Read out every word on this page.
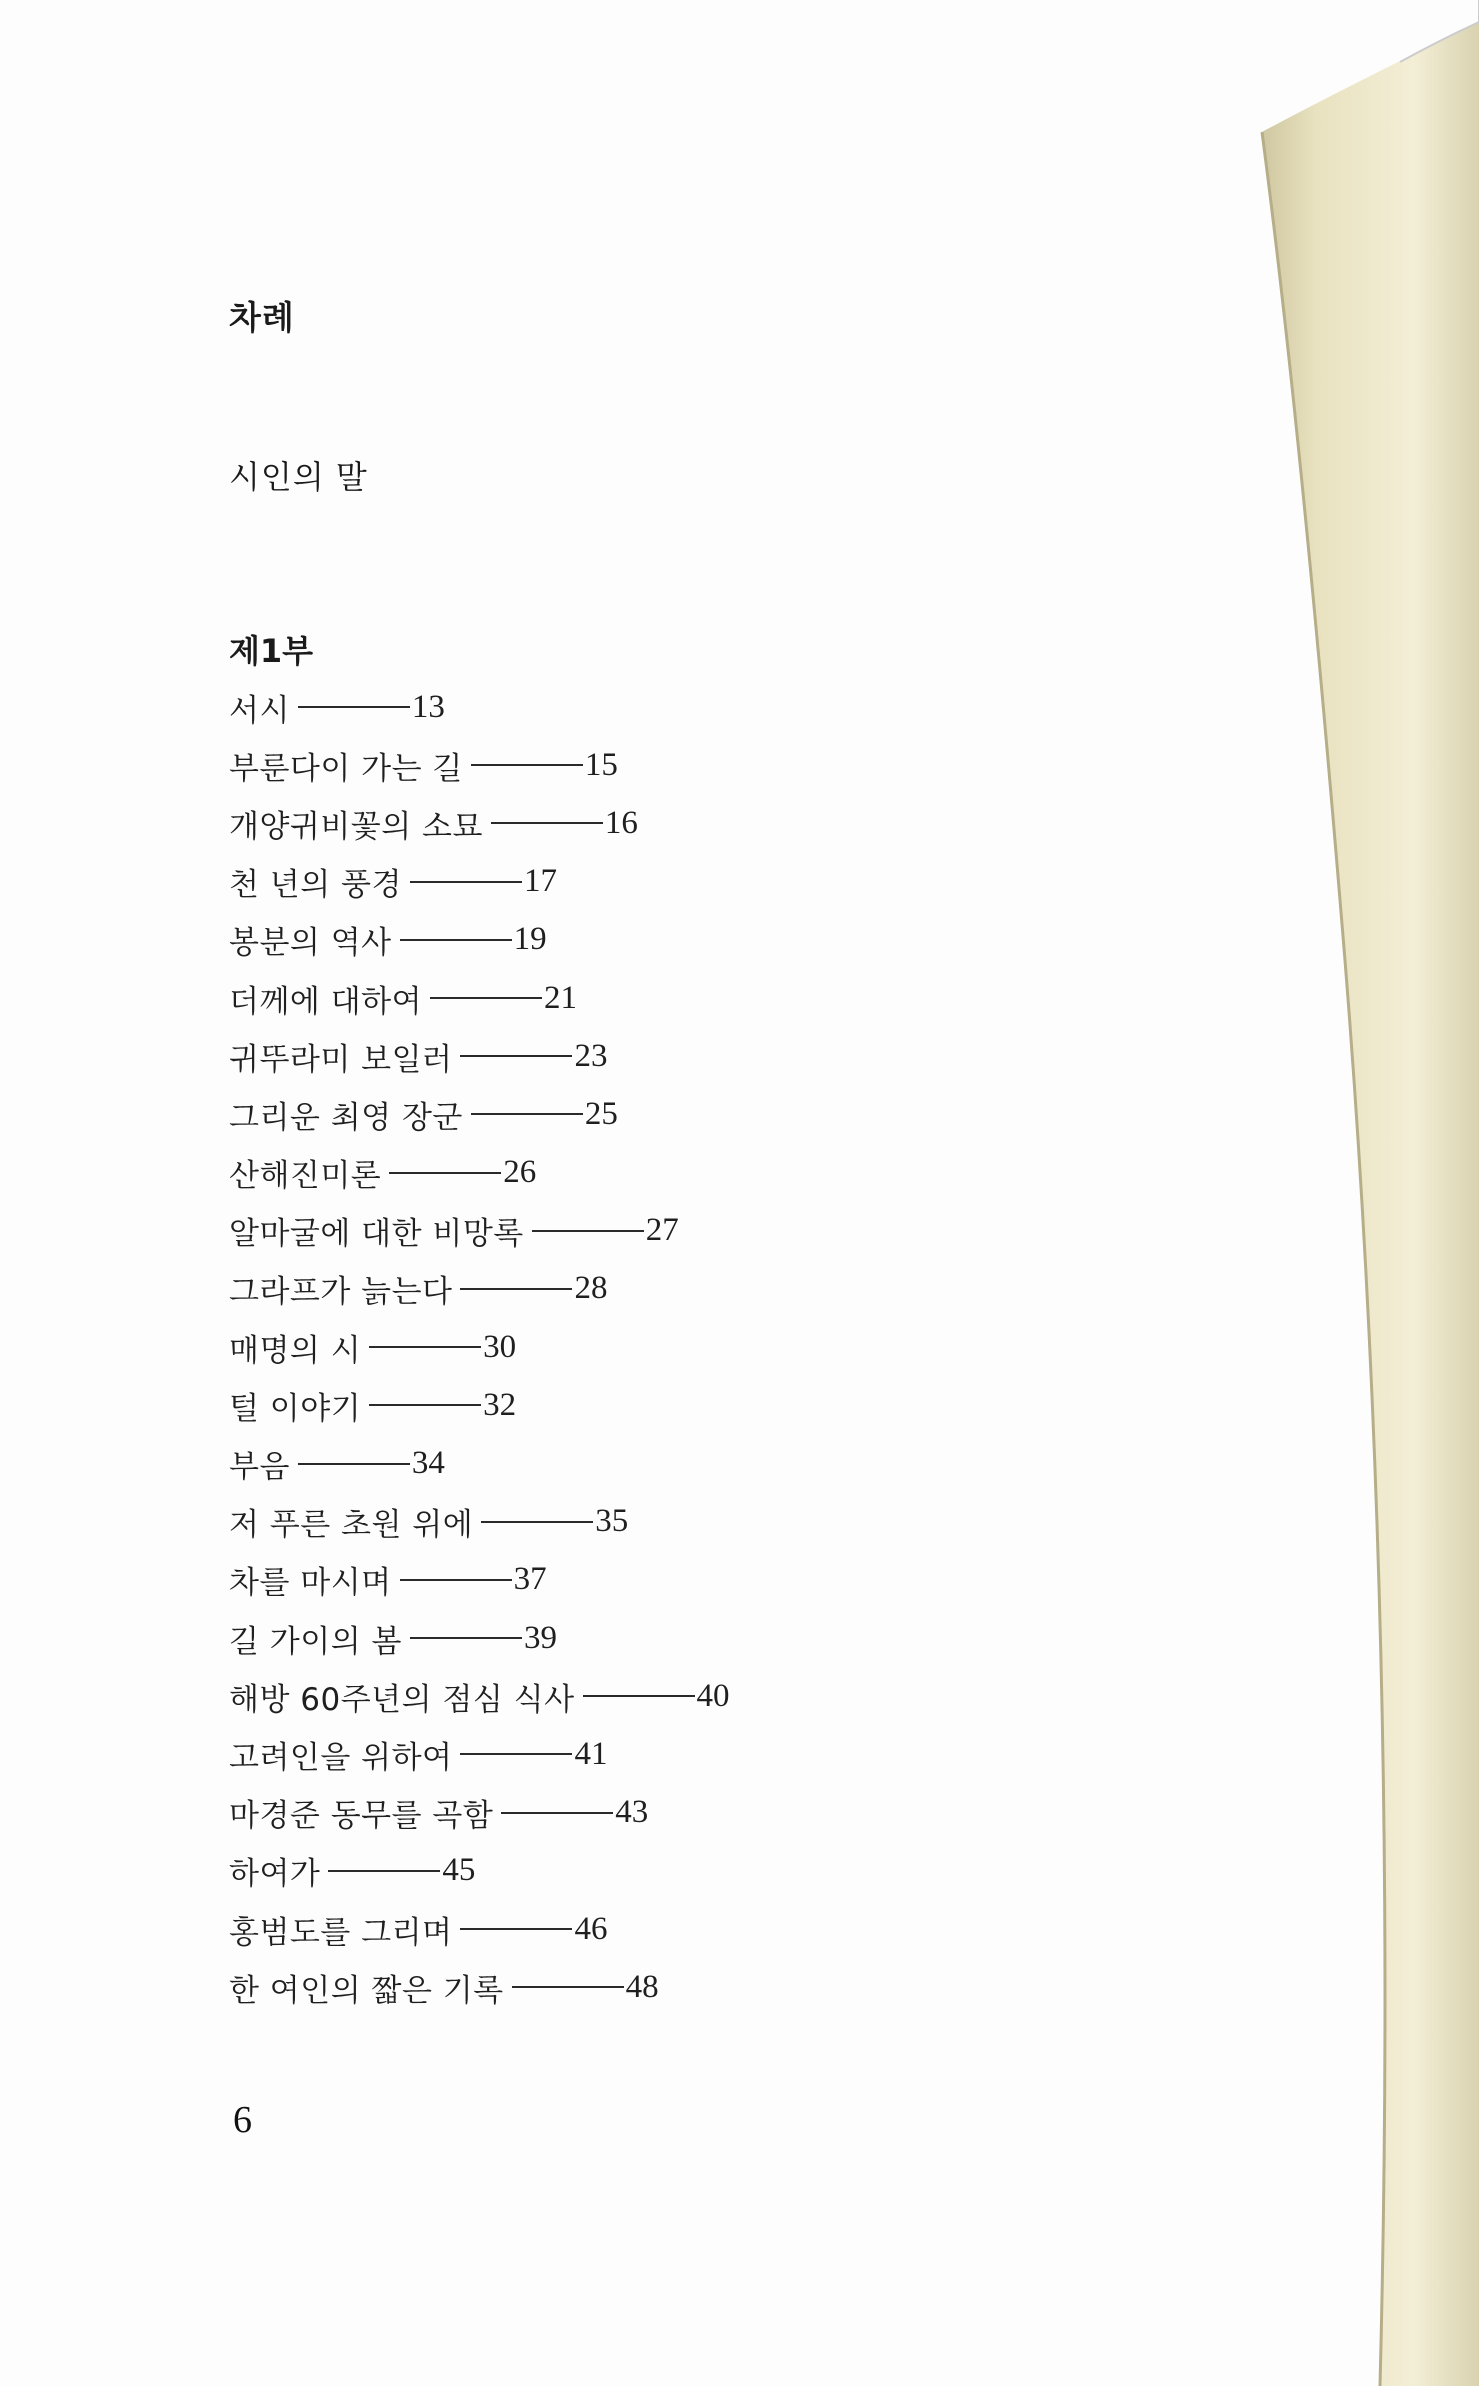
차례
시인의 말
제1부
서시	13
부룬다이 가는 길	15
개양귀비꽃의 소묘	16
천 년의 풍경	17
봉분의 역사	19
더께에 대하여	21
귀뚜라미 보일러	23
그리운 최영 장군	25
산해진미론	26
알마굴에 대한 비망록	27
그라프가 늙는다	28
매명의 시	30
털 이야기	32
부음	34
저 푸른 초원 위에	35
차를 마시며	37
길 가이의 봄	39
해방 60주년의 점심 식사	40
고려인을 위하여	41
마경준 동무를 곡함	43
하여가	45
홍범도를 그리며	46
한 여인의 짧은 기록	48
6
